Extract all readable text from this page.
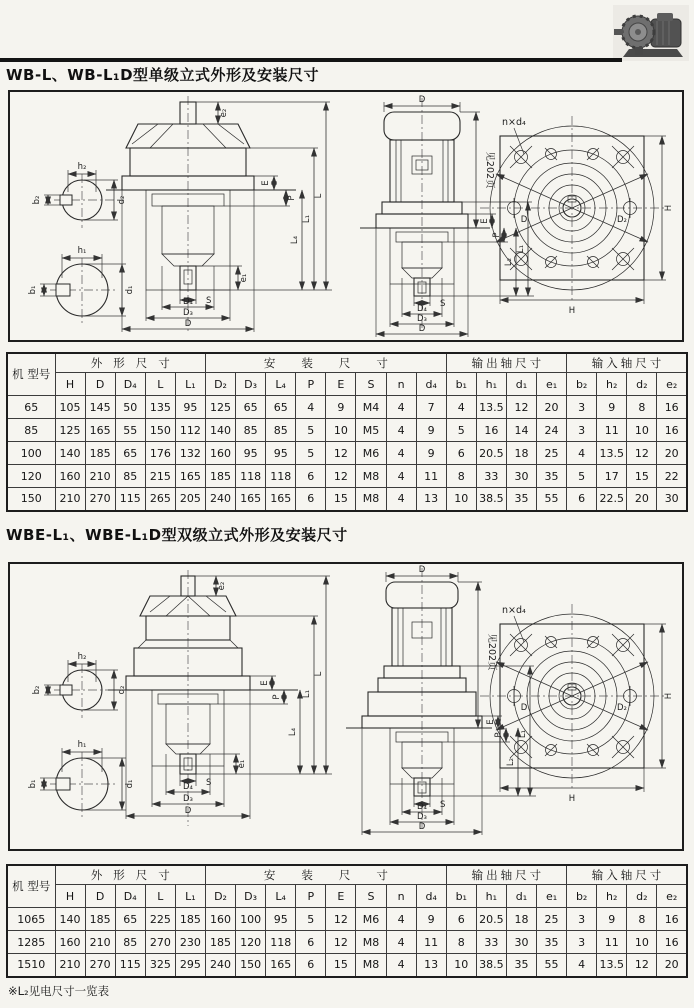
WB-L、WB-L₁D型单级立式外形及安装尺寸
e₂
e₁
S
D₄
D₃
D
E
P
L₄
L₁
L
D
见202页
E
P
L₂
L₁
S
D₄
D₃
D
机 型号	外形尺寸					安装尺寸								输出轴尺寸				输入轴尺寸			
	H	D	D₄	L	L₁	D₂	D₃	L₄	P	E	S	n	d₄	b₁	h₁	d₁	e₁	b₂	h₂	d₂	e₂
65	105	145	50	135	95	125	65	65	4	9	M4	4	7	4	13.5	12	20	3	9	8	16
85	125	165	55	150	112	140	85	85	5	10	M5	4	9	5	16	14	24	3	11	10	16
100	140	185	65	176	132	160	95	95	5	12	M6	4	9	6	20.5	18	25	4	13.5	12	20
120	160	210	85	215	165	185	118	118	6	12	M8	4	11	8	33	30	35	5	17	15	22
150	210	270	115	265	205	240	165	165	6	15	M8	4	13	10	38.5	35	55	6	22.5	20	30
WBE-L₁、WBE-L₁D型双级立式外形及安装尺寸
e₂
e₁
S
D₄
D₃
D
E
P
L₄
L₁
L
D
见202页
E
P
L₂
L₁
S
D₄
D₃
D
机 型号	外形尺寸					安装尺寸								输出轴尺寸				输入轴尺寸			
	H	D	D₄	L	L₁	D₂	D₃	L₄	P	E	S	n	d₄	b₁	h₁	d₁	e₁	b₂	h₂	d₂	e₂
1065	140	185	65	225	185	160	100	95	5	12	M6	4	9	6	20.5	18	25	3	9	8	16
1285	160	210	85	270	230	185	120	118	6	12	M8	4	11	8	33	30	35	3	11	10	16
1510	210	270	115	325	295	240	150	165	6	15	M8	4	13	10	38.5	35	55	4	13.5	12	20
※L₂见电尺寸一览表
